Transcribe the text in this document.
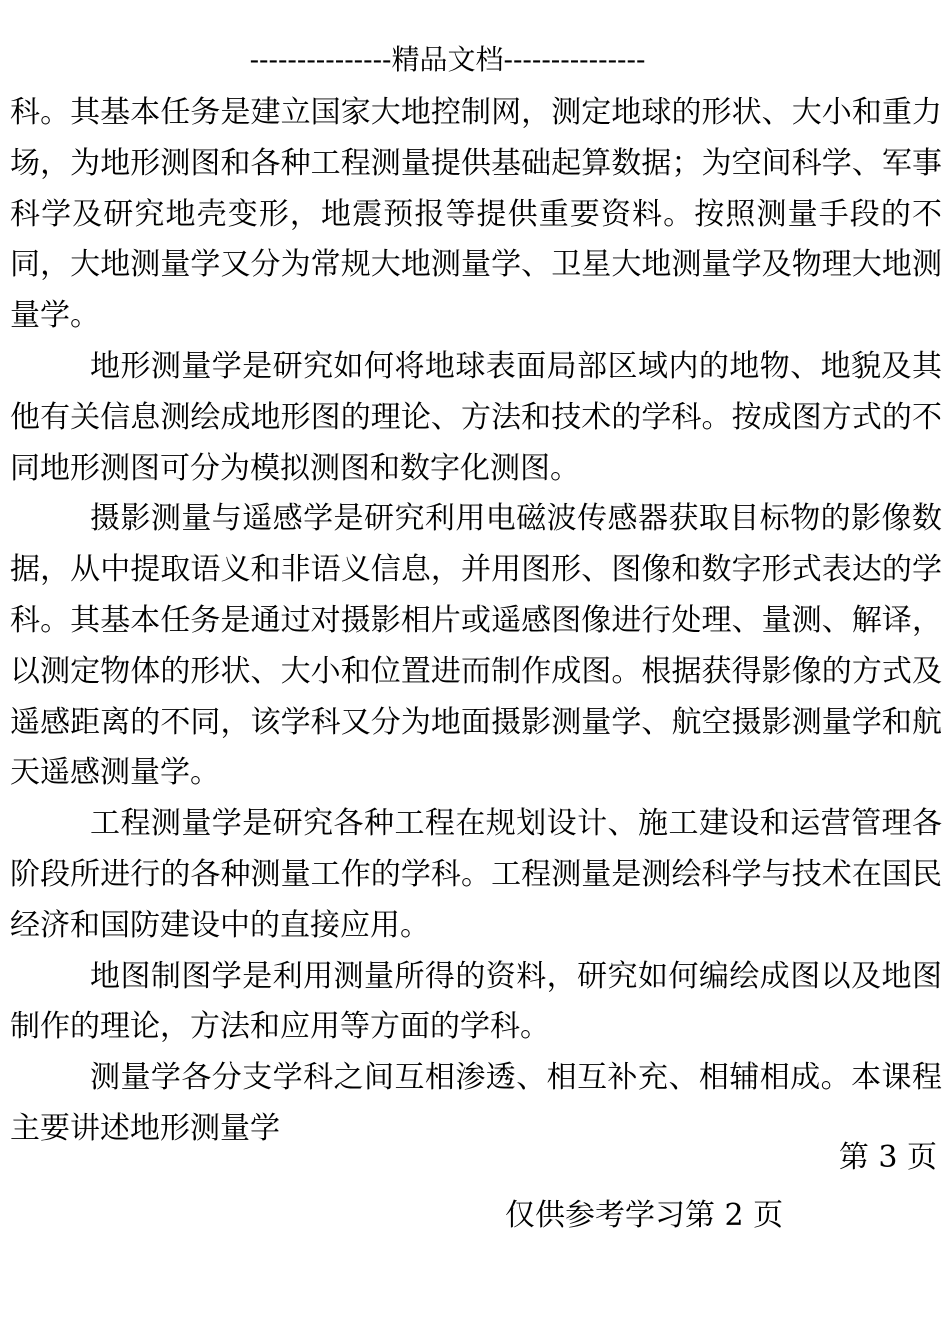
---------------精品文档---------------

科。其基本任务是建立国家大地控制网，测定地球的形状、大小和重力场，为地形测图和各种工程测量提供基础起算数据；为空间科学、军事科学及研究地壳变形，地震预报等提供重要资料。按照测量手段的不同，大地测量学又分为常规大地测量学、卫星大地测量学及物理大地测量学。

地形测量学是研究如何将地球表面局部区域内的地物、地貌及其他有关信息测绘成地形图的理论、方法和技术的学科。按成图方式的不同地形测图可分为模拟测图和数字化测图。

摄影测量与遥感学是研究利用电磁波传感器获取目标物的影像数据，从中提取语义和非语义信息，并用图形、图像和数字形式表达的学科。其基本任务是通过对摄影相片或遥感图像进行处理、量测、解译，以测定物体的形状、大小和位置进而制作成图。根据获得影像的方式及遥感距离的不同，该学科又分为地面摄影测量学、航空摄影测量学和航天遥感测量学。

工程测量学是研究各种工程在规划设计、施工建设和运营管理各阶段所进行的各种测量工作的学科。工程测量是测绘科学与技术在国民经济和国防建设中的直接应用。

地图制图学是利用测量所得的资料，研究如何编绘成图以及地图制作的理论，方法和应用等方面的学科。

测量学各分支学科之间互相渗透、相互补充、相辅相成。本课程主要讲述地形测量学

第 3 页
仅供参考学习第 2 页
